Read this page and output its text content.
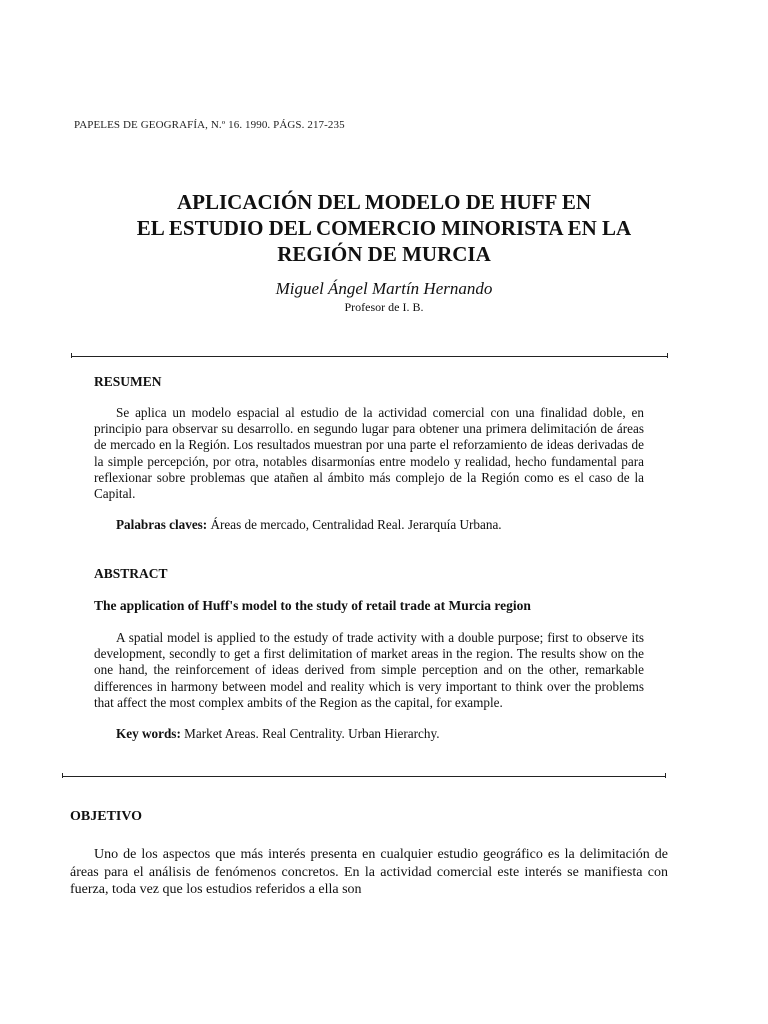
PAPELES DE GEOGRAFÍA, N.º 16. 1990. PÁGS. 217-235
APLICACIÓN DEL MODELO DE HUFF EN
EL ESTUDIO DEL COMERCIO MINORISTA EN LA
REGIÓN DE MURCIA
Miguel Ángel Martín Hernando
Profesor de I. B.
RESUMEN

Se aplica un modelo espacial al estudio de la actividad comercial con una finalidad doble, en principio para observar su desarrollo. en segundo lugar para obtener una primera delimitación de áreas de mercado en la Región. Los resultados muestran por una parte el reforzamiento de ideas derivadas de la simple percepción, por otra, notables disarmonías entre modelo y realidad, hecho fundamental para reflexionar sobre problemas que atañen al ámbito más complejo de la Región como es el caso de la Capital.

Palabras claves: Áreas de mercado, Centralidad Real. Jerarquía Urbana.

ABSTRACT
The application of Huff's model to the study of retail trade at Murcia region

A spatial model is applied to the estudy of trade activity with a double purpose; first to observe its development, secondly to get a first delimitation of market areas in the region. The results show on the one hand, the reinforcement of ideas derived from simple perception and on the other, remarkable differences in harmony between model and reality which is very important to think over the problems that affect the most complex ambits of the Region as the capital, for example.

Key words: Market Areas. Real Centrality. Urban Hierarchy.

OBJETIVO

Uno de los aspectos que más interés presenta en cualquier estudio geográfico es la delimitación de áreas para el análisis de fenómenos concretos. En la actividad comercial este interés se manifiesta con fuerza, toda vez que los estudios referidos a ella son
